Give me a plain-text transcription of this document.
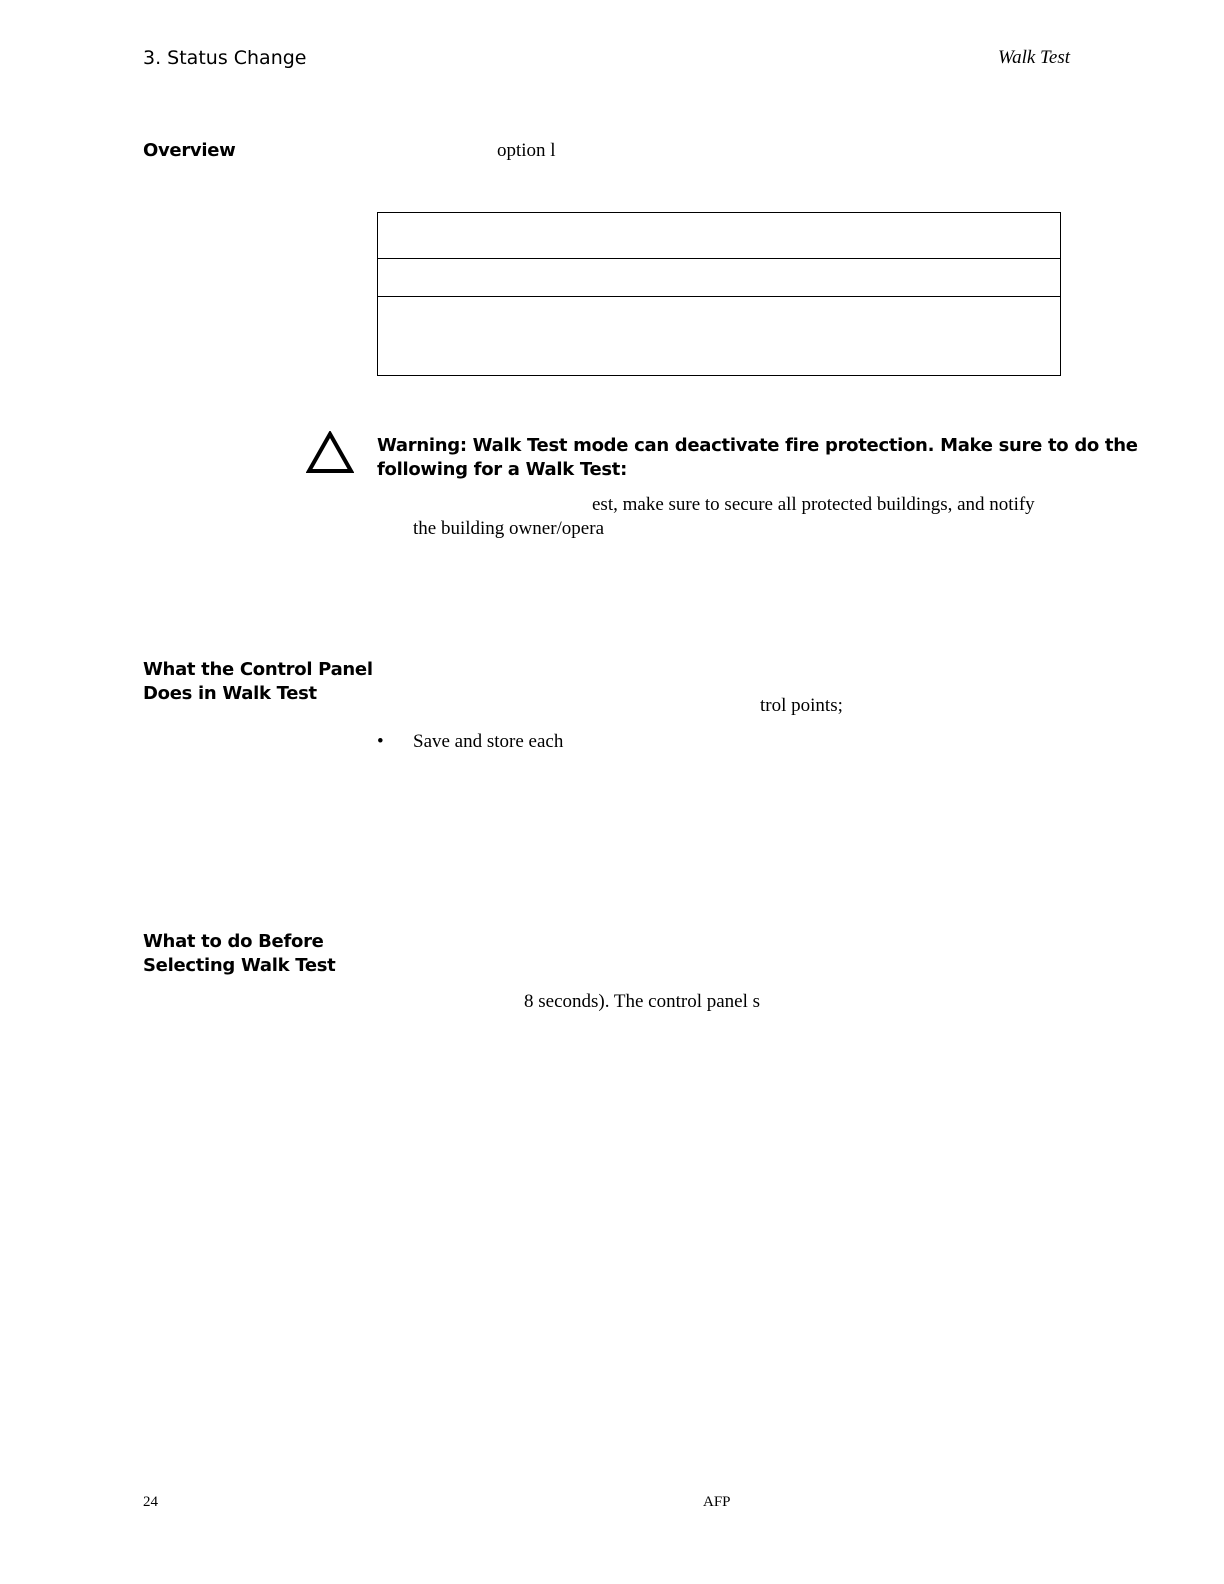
3. Status Change	Walk Test
Overview	option l
Warning: Walk Test mode can deactivate fire protection. Make sure to do the
following for a Walk Test:
est, make sure to secure all protected buildings, and notify
the building owner/opera
What the Control Panel
Does in Walk Test
trol points;
• Save and store each
What to do Before
Selecting Walk Test
8 seconds). The control panel s
24	AFP
